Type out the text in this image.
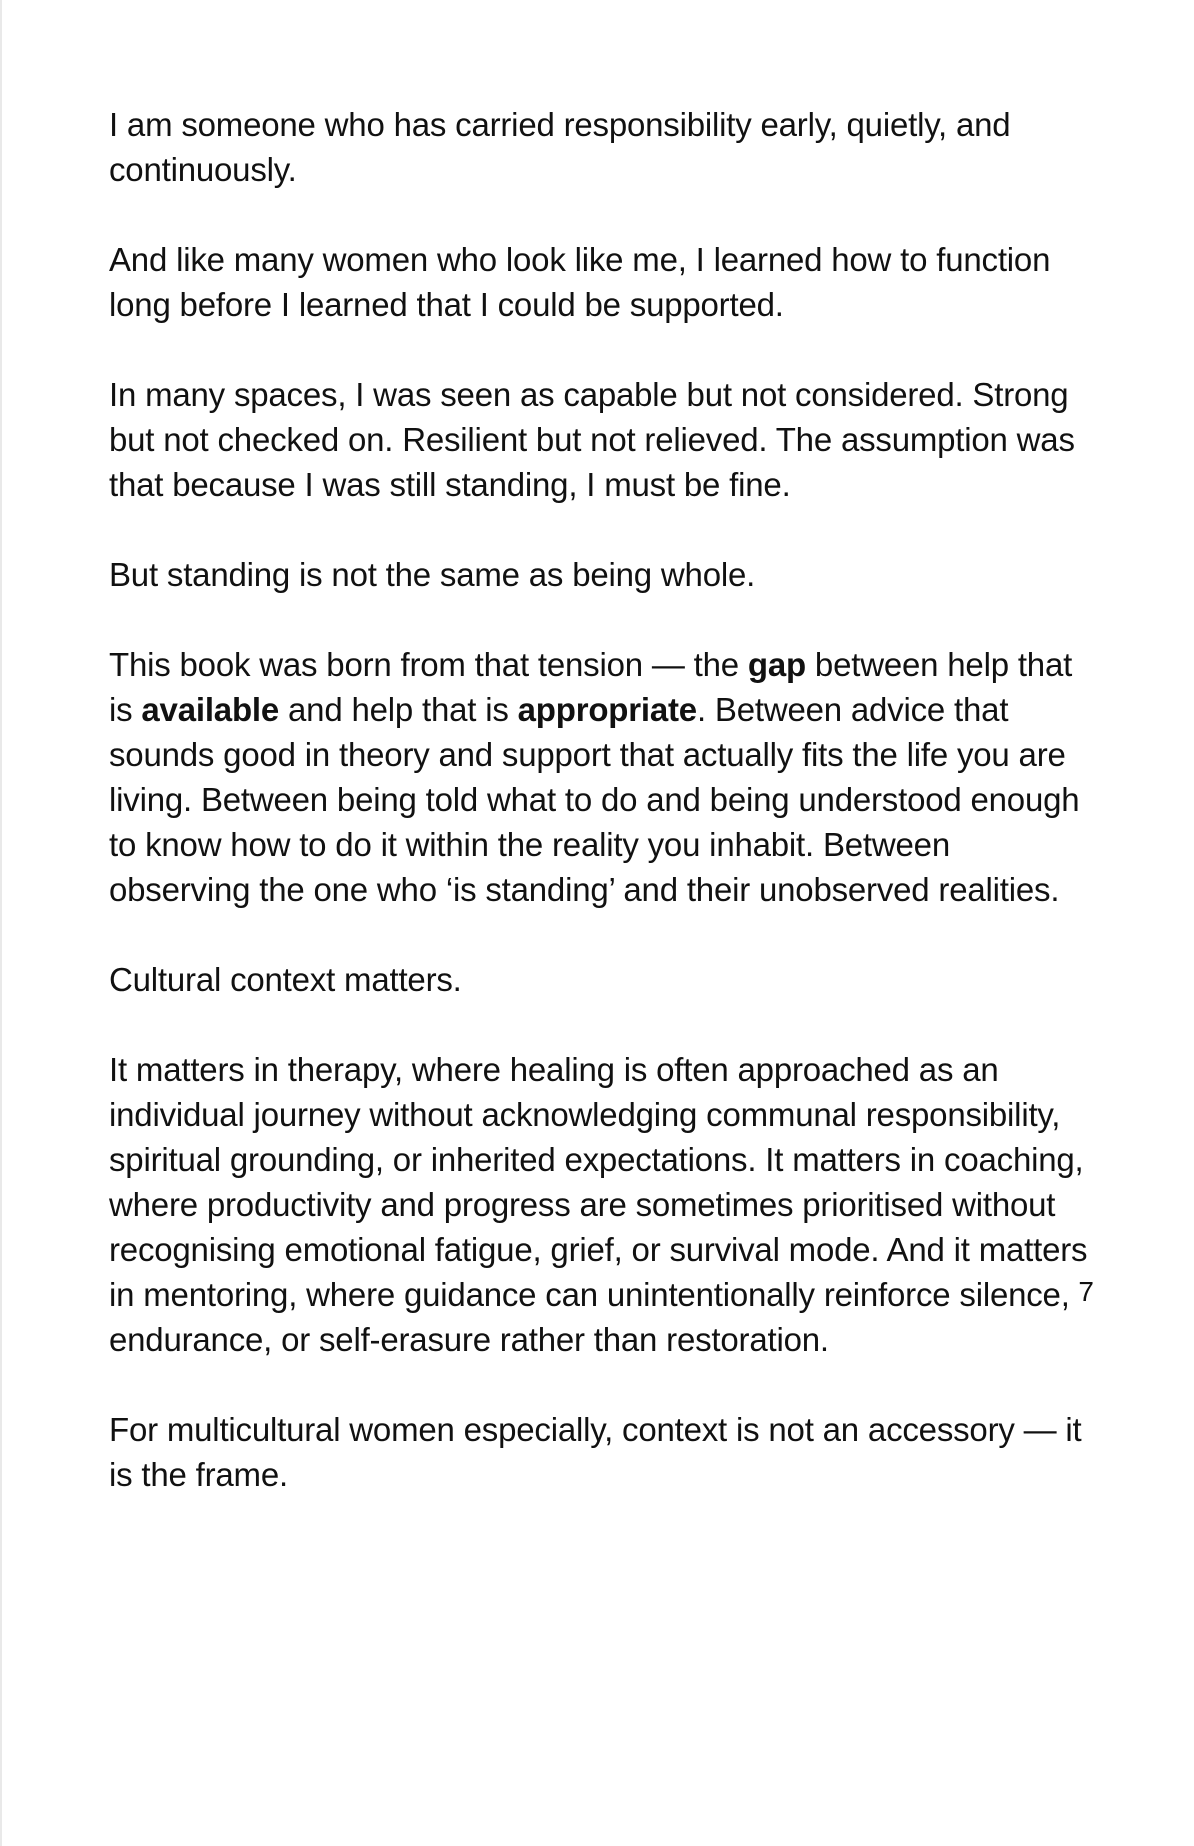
I am someone who has carried responsibility early, quietly, and continuously.

And like many women who look like me, I learned how to function long before I learned that I could be supported.

In many spaces, I was seen as capable but not considered. Strong but not checked on. Resilient but not relieved. The assumption was that because I was still standing, I must be fine.

But standing is not the same as being whole.

This book was born from that tension — the gap between help that is available and help that is appropriate. Between advice that sounds good in theory and support that actually fits the life you are living. Between being told what to do and being understood enough to know how to do it within the reality you inhabit. Between observing the one who ‘is standing’ and their unobserved realities.

Cultural context matters.

It matters in therapy, where healing is often approached as an individual journey without acknowledging communal responsibility, spiritual grounding, or inherited expectations. It matters in coaching, where productivity and progress are sometimes prioritised without recognising emotional fatigue, grief, or survival mode. And it matters in mentoring, where guidance can unintentionally reinforce silence, endurance, or self-erasure rather than restoration.

For multicultural women especially, context is not an accessory — it is the frame.

7
